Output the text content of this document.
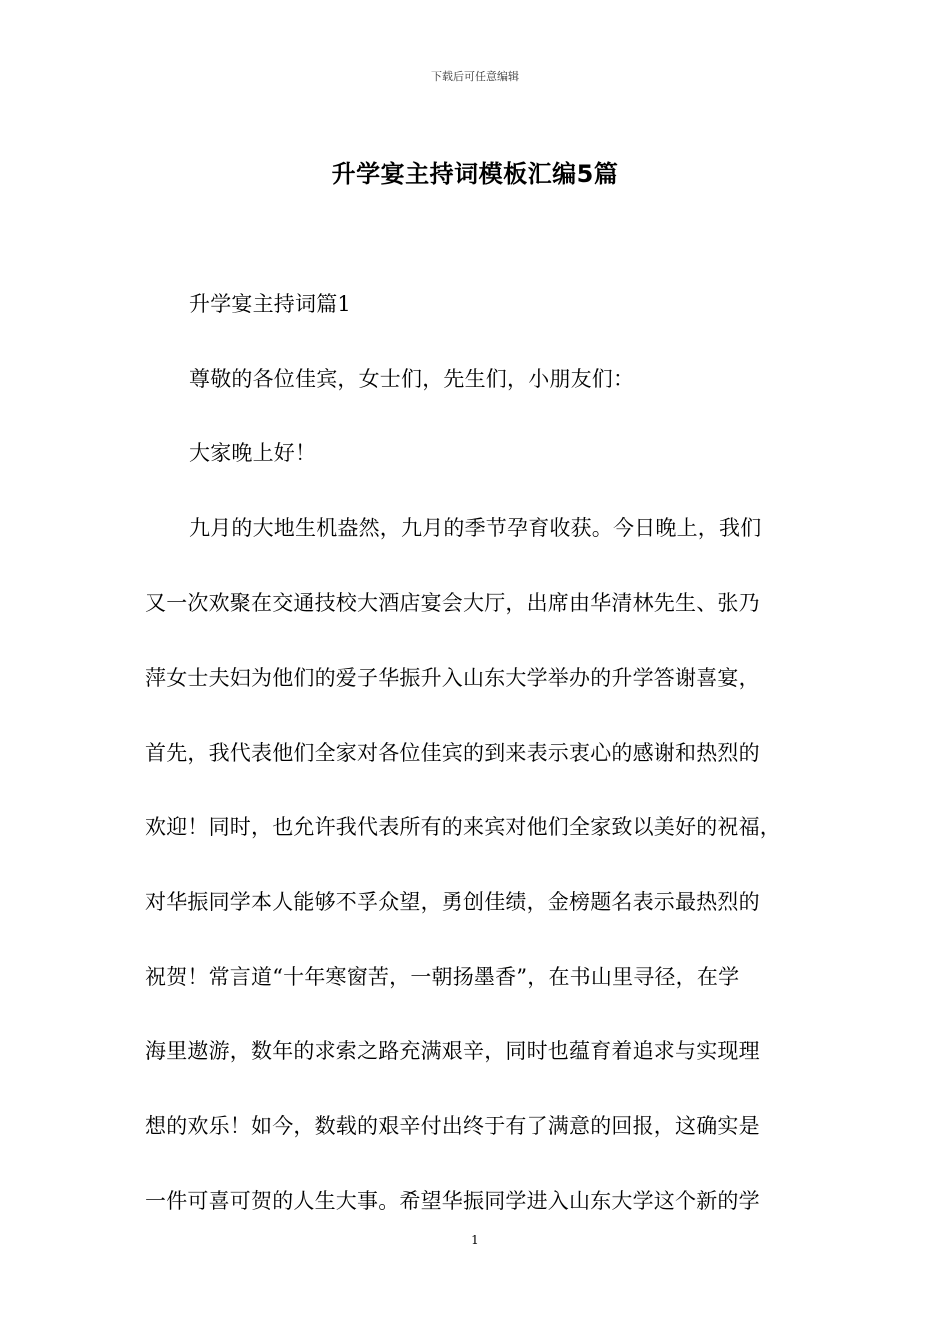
下载后可任意编辑
升学宴主持词模板汇编5篇
升学宴主持词篇1
尊敬的各位佳宾，女士们，先生们，小朋友们：
大家晚上好！
九月的大地生机盎然，九月的季节孕育收获。今日晚上，我们
又一次欢聚在交通技校大酒店宴会大厅，出席由华清林先生、张乃
萍女士夫妇为他们的爱子华振升入山东大学举办的升学答谢喜宴，
首先，我代表他们全家对各位佳宾的到来表示衷心的感谢和热烈的
欢迎！同时，也允许我代表所有的来宾对他们全家致以美好的祝福，
对华振同学本人能够不孚众望，勇创佳绩，金榜题名表示最热烈的
祝贺！常言道“十年寒窗苦，一朝扬墨香”，在书山里寻径，在学
海里遨游，数年的求索之路充满艰辛，同时也蕴育着追求与实现理
想的欢乐！如今，数载的艰辛付出终于有了满意的回报，这确实是
一件可喜可贺的人生大事。希望华振同学进入山东大学这个新的学
1
